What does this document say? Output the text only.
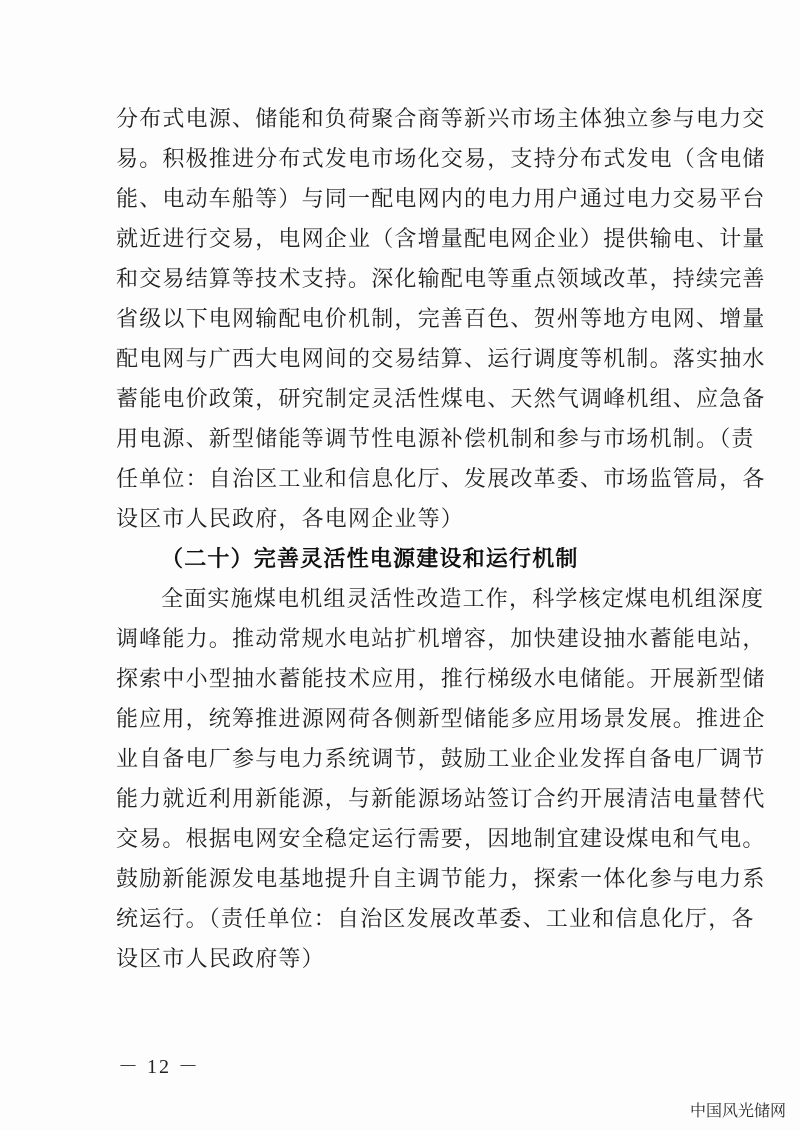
分布式电源、储能和负荷聚合商等新兴市场主体独立参与电力交
易。积极推进分布式发电市场化交易，支持分布式发电（含电储
能、电动车船等）与同一配电网内的电力用户通过电力交易平台
就近进行交易，电网企业（含增量配电网企业）提供输电、计量
和交易结算等技术支持。深化输配电等重点领域改革，持续完善
省级以下电网输配电价机制，完善百色、贺州等地方电网、增量
配电网与广西大电网间的交易结算、运行调度等机制。落实抽水
蓄能电价政策，研究制定灵活性煤电、天然气调峰机组、应急备
用电源、新型储能等调节性电源补偿机制和参与市场机制。（责
任单位：自治区工业和信息化厅、发展改革委、市场监管局，各
设区市人民政府，各电网企业等）
（二十）完善灵活性电源建设和运行机制
全面实施煤电机组灵活性改造工作，科学核定煤电机组深度
调峰能力。推动常规水电站扩机增容，加快建设抽水蓄能电站，
探索中小型抽水蓄能技术应用，推行梯级水电储能。开展新型储
能应用，统筹推进源网荷各侧新型储能多应用场景发展。推进企
业自备电厂参与电力系统调节，鼓励工业企业发挥自备电厂调节
能力就近利用新能源，与新能源场站签订合约开展清洁电量替代
交易。根据电网安全稳定运行需要，因地制宜建设煤电和气电。
鼓励新能源发电基地提升自主调节能力，探索一体化参与电力系
统运行。（责任单位：自治区发展改革委、工业和信息化厅，各
设区市人民政府等）
－ 12 －
中国风光储网
